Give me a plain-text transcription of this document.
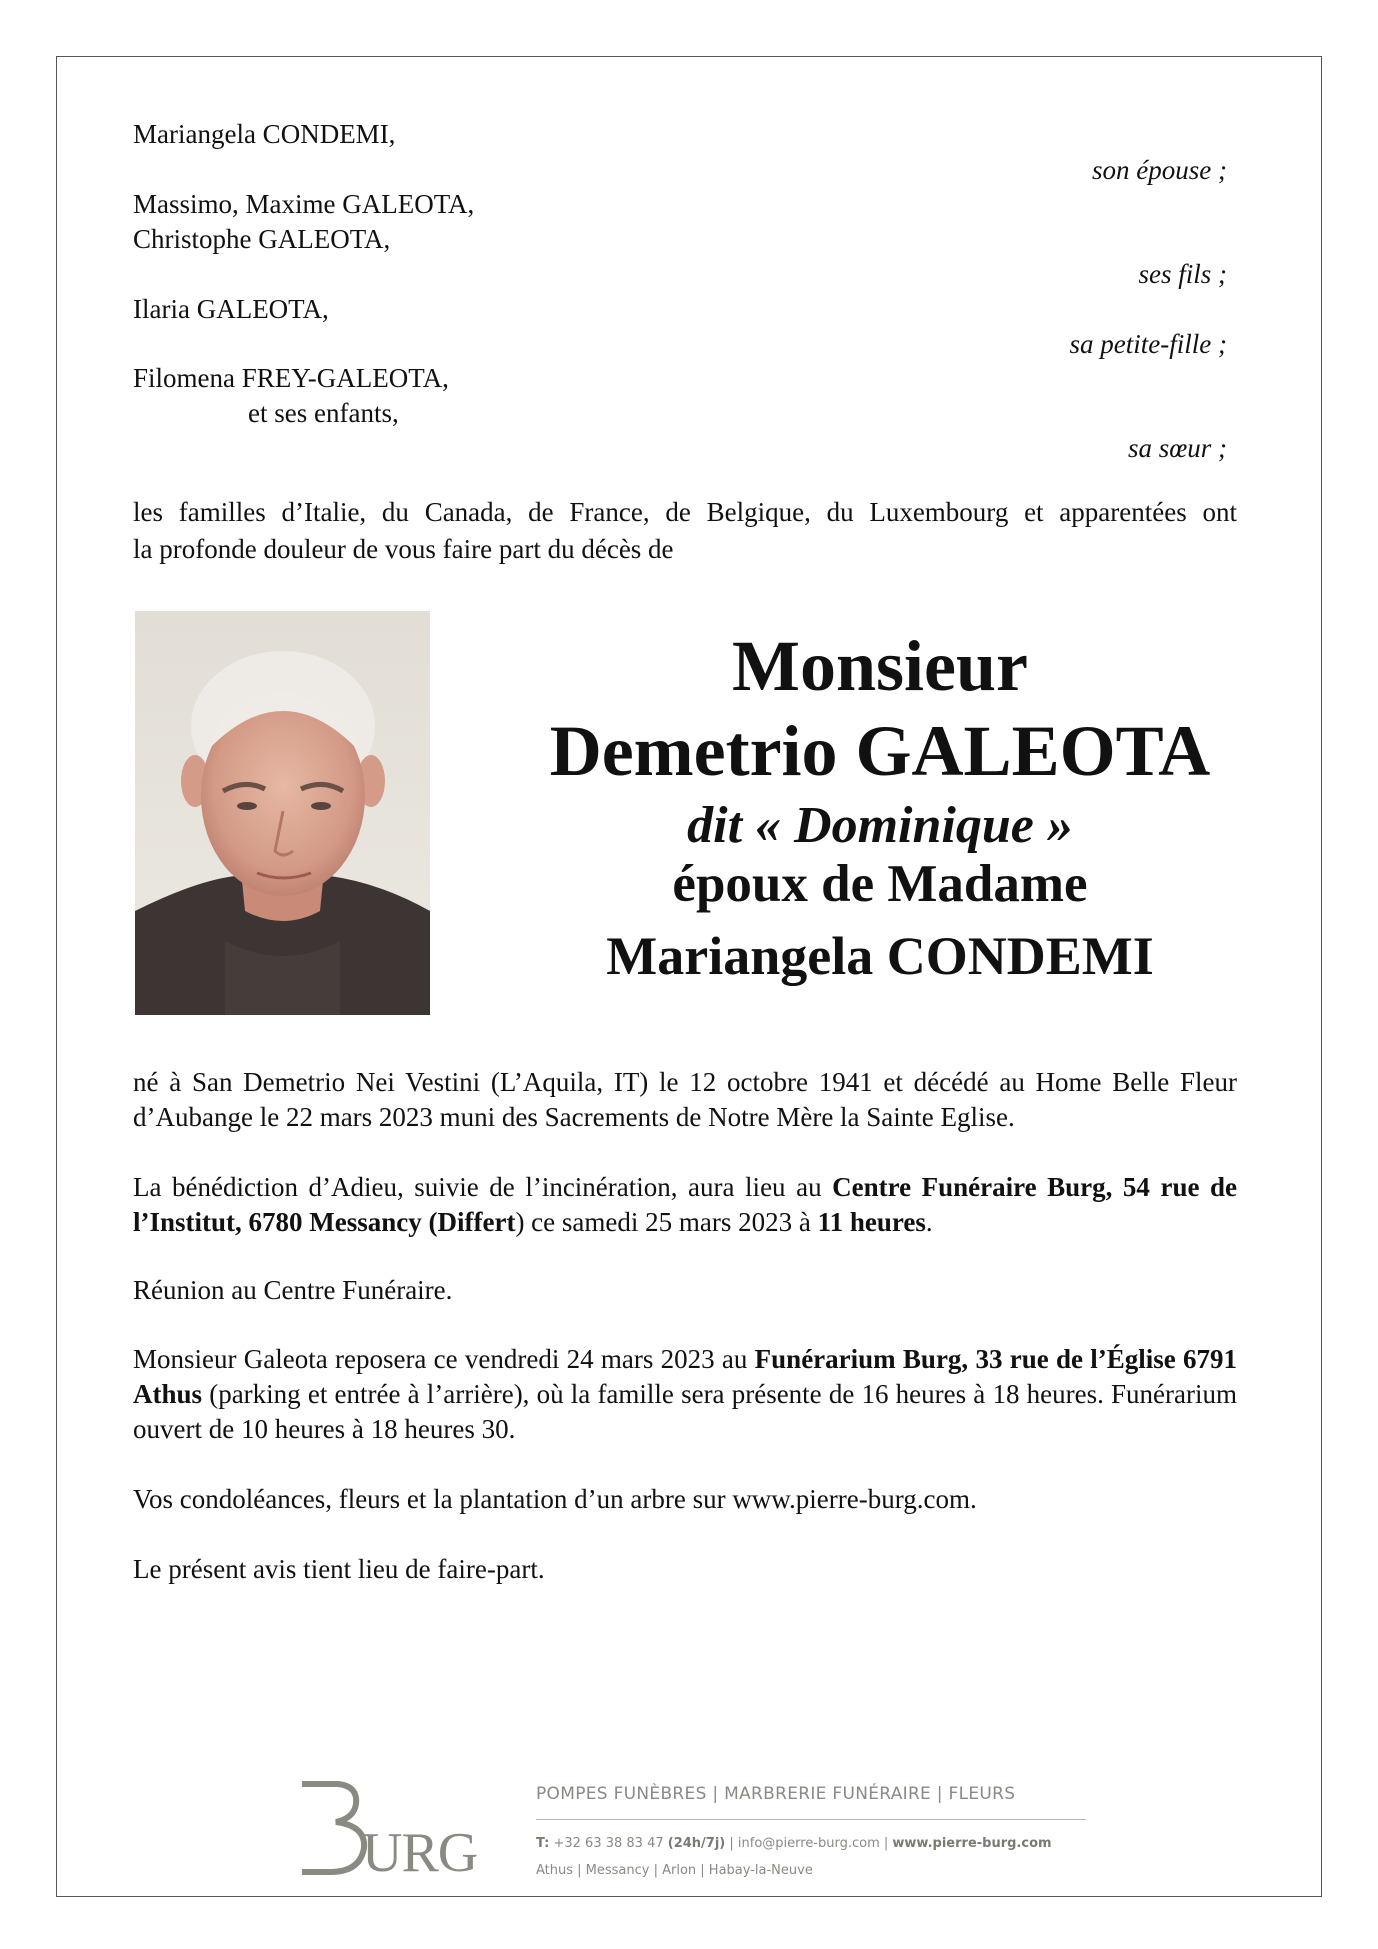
Mariangela CONDEMI,
son épouse ;
Massimo, Maxime GALEOTA,
Christophe GALEOTA,
ses fils ;
Ilaria GALEOTA,
sa petite-fille ;
Filomena FREY-GALEOTA,
et ses enfants,
sa sœur ;
les familles d’Italie, du Canada, de France, de Belgique, du Luxembourg et apparentées ont
la profonde douleur de vous faire part du décès de
Monsieur
Demetrio GALEOTA
dit « Dominique »
époux de Madame
Mariangela CONDEMI
né à San Demetrio Nei Vestini (L’Aquila, IT) le 12 octobre 1941 et décédé au Home Belle Fleur d’Aubange le 22 mars 2023 muni des Sacrements de Notre Mère la Sainte Eglise.
La bénédiction d’Adieu, suivie de l’incinération, aura lieu au Centre Funéraire Burg, 54 rue de l’Institut, 6780 Messancy (Differt) ce samedi 25 mars 2023 à 11 heures.
Réunion au Centre Funéraire.
Monsieur Galeota reposera ce vendredi 24 mars 2023 au Funérarium Burg, 33 rue de l’Église 6791 Athus (parking et entrée à l’arrière), où la famille sera présente de 16 heures à 18 heures. Funérarium ouvert de 10 heures à 18 heures 30.
Vos condoléances, fleurs et la plantation d’un arbre sur www.pierre-burg.com.
Le présent avis tient lieu de faire-part.
URG
POMPES FUNÈBRES | MARBRERIE FUNÉRAIRE | FLEURS
T: +32 63 38 83 47 (24h/7j) | info@pierre-burg.com | www.pierre-burg.com
Athus | Messancy | Arlon | Habay-la-Neuve
